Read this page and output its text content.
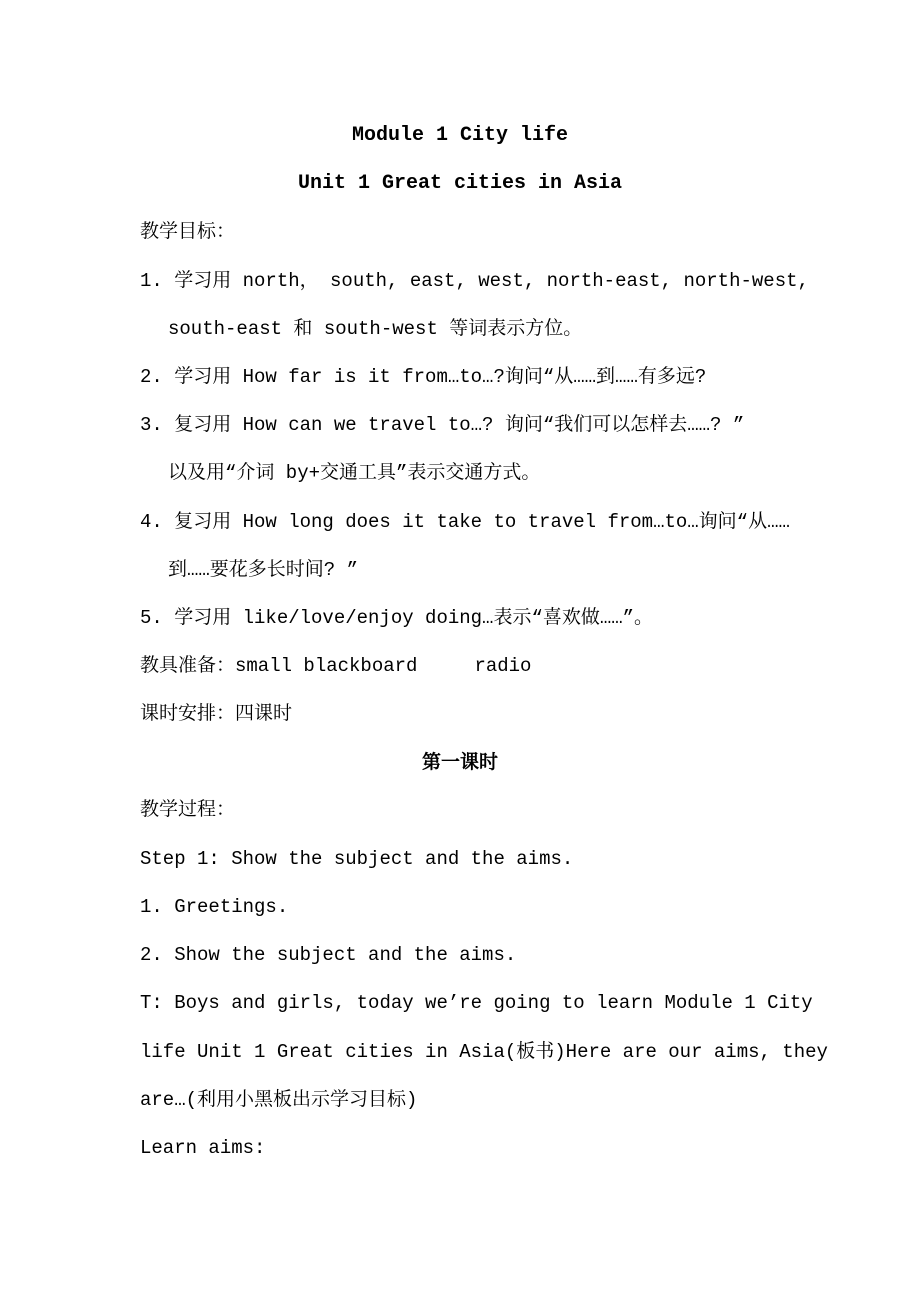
Module 1 City life
Unit 1 Great cities in Asia
教学目标：
1. 学习用 north， south, east, west, north-east, north-west,
south-east 和 south-west 等词表示方位。
2. 学习用 How far is it from…to…?询问“从……到……有多远?
3. 复习用 How can we travel to…? 询问“我们可以怎样去……? ”
以及用“介词 by+交通工具”表示交通方式。
4. 复习用 How long does it take to travel from…to…询问“从……
到……要花多长时间? ”
5. 学习用 like/love/enjoy doing…表示“喜欢做……”。
教具准备：small blackboard     radio
课时安排：四课时
第一课时
教学过程：
Step 1: Show the subject and the aims.
1. Greetings.
2. Show the subject and the aims.
T: Boys and girls, today we’re going to learn Module 1 City
life Unit 1 Great cities in Asia(板书)Here are our aims, they
are…(利用小黑板出示学习目标)
Learn aims:
